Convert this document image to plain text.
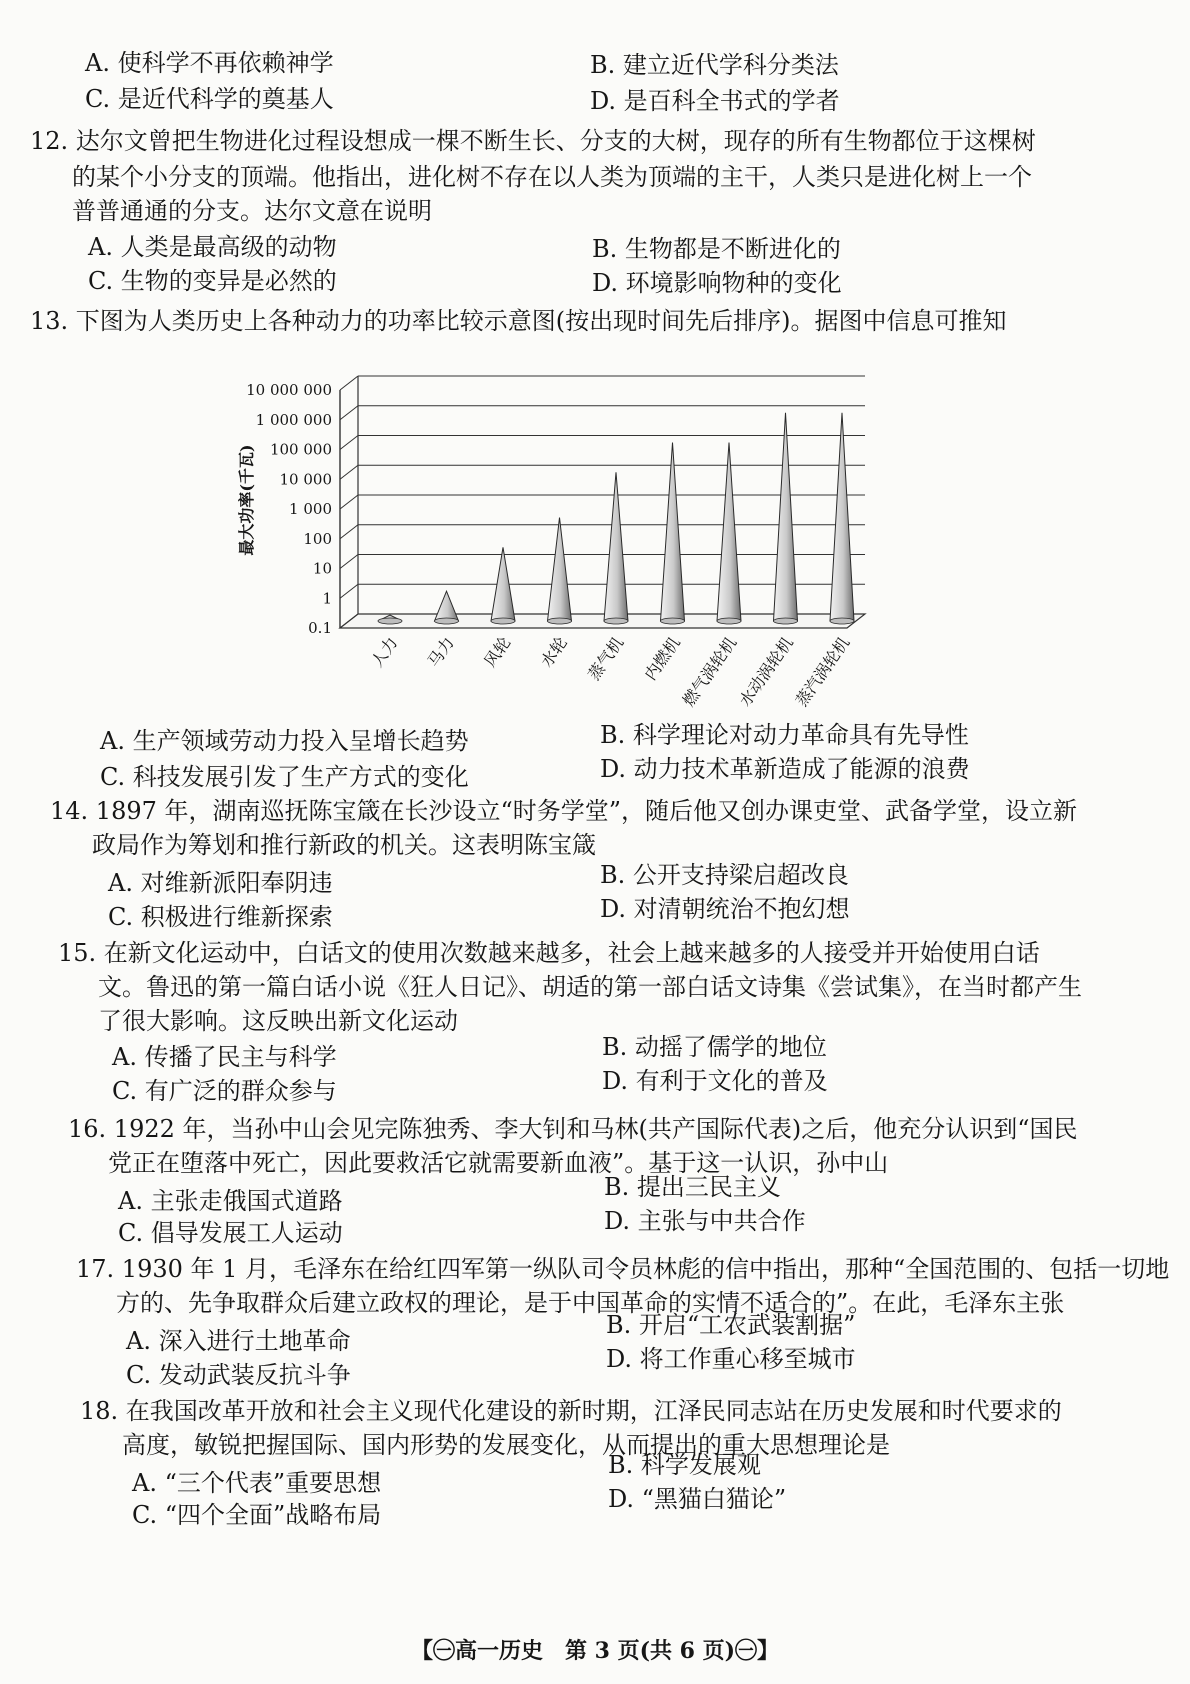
A. 使科学不再依赖神学	B. 建立近代学科分类法
C. 是近代科学的奠基人	D. 是百科全书式的学者
12. 达尔文曾把生物进化过程设想成一棵不断生长、分支的大树，现存的所有生物都位于这棵树
的某个小分支的顶端。他指出，进化树不存在以人类为顶端的主干，人类只是进化树上一个
普普通通的分支。达尔文意在说明
A. 人类是最高级的动物	B. 生物都是不断进化的
C. 生物的变异是必然的	D. 环境影响物种的变化
13. 下图为人类历史上各种动力的功率比较示意图(按出现时间先后排序)。据图中信息可推知
10 000 000
1 000 000
100 000
10 000
1 000
100
10
1
0.1
人力 马力 风轮 水轮 蒸气机 内燃机
燃气涡轮机
水动涡轮机
蒸汽涡轮机
最大功率(千瓦)
A. 生产领域劳动力投入呈增长趋势	B. 科学理论对动力革命具有先导性
C. 科技发展引发了生产方式的变化	D. 动力技术革新造成了能源的浪费
14. 1897 年，湖南巡抚陈宝箴在长沙设立“时务学堂”，随后他又创办课吏堂、武备学堂，设立新
政局作为筹划和推行新政的机关。这表明陈宝箴
A. 对维新派阳奉阴违	B. 公开支持梁启超改良
C. 积极进行维新探索	D. 对清朝统治不抱幻想
15. 在新文化运动中，白话文的使用次数越来越多，社会上越来越多的人接受并开始使用白话
文。鲁迅的第一篇白话小说《狂人日记》、胡适的第一部白话文诗集《尝试集》，在当时都产生
了很大影响。这反映出新文化运动
A. 传播了民主与科学	B. 动摇了儒学的地位
C. 有广泛的群众参与	D. 有利于文化的普及
16. 1922 年，当孙中山会见完陈独秀、李大钊和马林(共产国际代表)之后，他充分认识到“国民
党正在堕落中死亡，因此要救活它就需要新血液”。基于这一认识，孙中山
A. 主张走俄国式道路	B. 提出三民主义
C. 倡导发展工人运动	D. 主张与中共合作
17. 1930 年 1 月，毛泽东在给红四军第一纵队司令员林彪的信中指出，那种“全国范围的、包括一切地
方的、先争取群众后建立政权的理论，是于中国革命的实情不适合的”。在此，毛泽东主张
A. 深入进行土地革命
B. 开启“工农武装割据”
C. 发动武装反抗斗争
D. 将工作重心移至城市
18. 在我国改革开放和社会主义现代化建设的新时期，江泽民同志站在历史发展和时代要求的
高度，敏锐把握国际、国内形势的发展变化，从而提出的重大思想理论是
A. “三个代表”重要思想
B. 科学发展观
C. “四个全面”战略布局
D. “黑猫白猫论”
【㊀高一历史　第 3 页(共 6 页)㊀】
